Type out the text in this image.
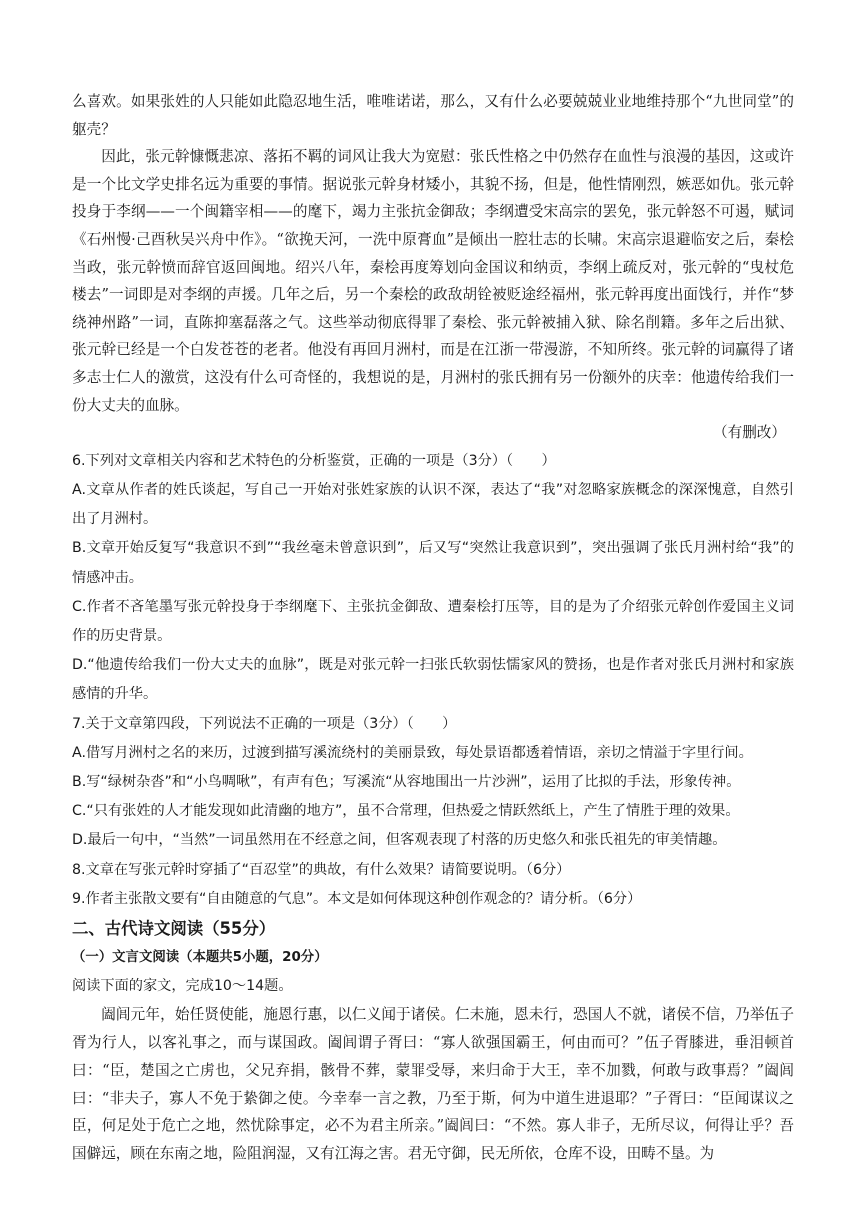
么喜欢。如果张姓的人只能如此隐忍地生活，唯唯诺诺，那么，又有什么必要兢兢业业地维持那个“九世同堂”的躯壳？

因此，张元幹慷慨悲凉、落拓不羁的词风让我大为宽慰：张氏性格之中仍然存在血性与浪漫的基因，这或许是一个比文学史排名远为重要的事情。据说张元幹身材矮小，其貌不扬，但是，他性情刚烈，嫉恶如仇。张元幹投身于李纲——一个闽籍宰相——的麾下，竭力主张抗金御敌；李纲遭受宋高宗的罢免，张元幹怒不可遏，赋词《石州慢·己酉秋吴兴舟中作》。“欲挽天河，一洗中原膏血”是倾出一腔壮志的长啸。宋高宗退避临安之后，秦桧当政，张元幹愤而辞官返回闽地。绍兴八年，秦桧再度筹划向金国议和纳贡，李纲上疏反对，张元幹的“曳杖危楼去”一词即是对李纲的声援。几年之后，另一个秦桧的政敌胡铨被贬途经福州，张元幹再度出面饯行，并作“梦绕神州路”一词，直陈抑塞磊落之气。这些举动彻底得罪了秦桧、张元幹被捕入狱、除名削籍。多年之后出狱、张元幹已经是一个白发苍苍的老者。他没有再回月洲村，而是在江浙一带漫游，不知所终。张元幹的词赢得了诸多志士仁人的激赏，这没有什么可奇怪的，我想说的是，月洲村的张氏拥有另一份额外的庆幸：他遗传给我们一份大丈夫的血脉。

（有删改）

6.下列对文章相关内容和艺术特色的分析鉴赏，正确的一项是（3分）（　　）

A.文章从作者的姓氏谈起，写自己一开始对张姓家族的认识不深，表达了“我”对忽略家族概念的深深愧意，自然引出了月洲村。

B.文章开始反复写“我意识不到”“我丝毫未曾意识到”，后又写“突然让我意识到”，突出强调了张氏月洲村给“我”的情感冲击。

C.作者不吝笔墨写张元幹投身于李纲麾下、主张抗金御敌、遭秦桧打压等，目的是为了介绍张元幹创作爱国主义词作的历史背景。

D.“他遗传给我们一份大丈夫的血脉”，既是对张元幹一扫张氏软弱怯懦家风的赞扬，也是作者对张氏月洲村和家族感情的升华。

7.关于文章第四段，下列说法不正确的一项是（3分）（　　）

A.借写月洲村之名的来历，过渡到描写溪流绕村的美丽景致，每处景语都透着情语，亲切之情溢于字里行间。

B.写“绿树杂沓”和“小鸟啁啾”，有声有色；写溪流“从容地围出一片沙洲”，运用了比拟的手法，形象传神。

C.“只有张姓的人才能发现如此清幽的地方”，虽不合常理，但热爱之情跃然纸上，产生了情胜于理的效果。

D.最后一句中，“当然”一词虽然用在不经意之间，但客观表现了村落的历史悠久和张氏祖先的审美情趣。

8.文章在写张元幹时穿插了“百忍堂”的典故，有什么效果？请简要说明。（6分）

9.作者主张散文要有“自由随意的气息”。本文是如何体现这种创作观念的？请分析。（6分）

二、古代诗文阅读（55分）

（一）文言文阅读（本题共5小题，20分）

阅读下面的家文，完成10～14题。

阖闾元年，始任贤使能，施恩行惠，以仁义闻于诸侯。仁未施，恩未行，恐国人不就，诸侯不信，乃举伍子胥为行人，以客礼事之，而与谋国政。阖闾谓子胥曰：“寡人欲强国霸王，何由而可？”伍子胥膝进，垂泪顿首曰：“臣，楚国之亡虏也，父兄弃捐，骸骨不葬，蒙罪受辱，来归命于大王，幸不加戮，何敢与政事焉？”阖闾曰：“非夫子，寡人不免于絷御之使。今幸奉一言之教，乃至于斯，何为中道生进退耶？”子胥曰：“臣闻谋议之臣，何足处于危亡之地，然忧除事定，必不为君主所亲。”阖闾曰：“不然。寡人非子，无所尽议，何得让乎？吾国僻远，顾在东南之地，险阻润湿，又有江海之害。君无守御，民无所依，仓库不设，田畴不垦。为
